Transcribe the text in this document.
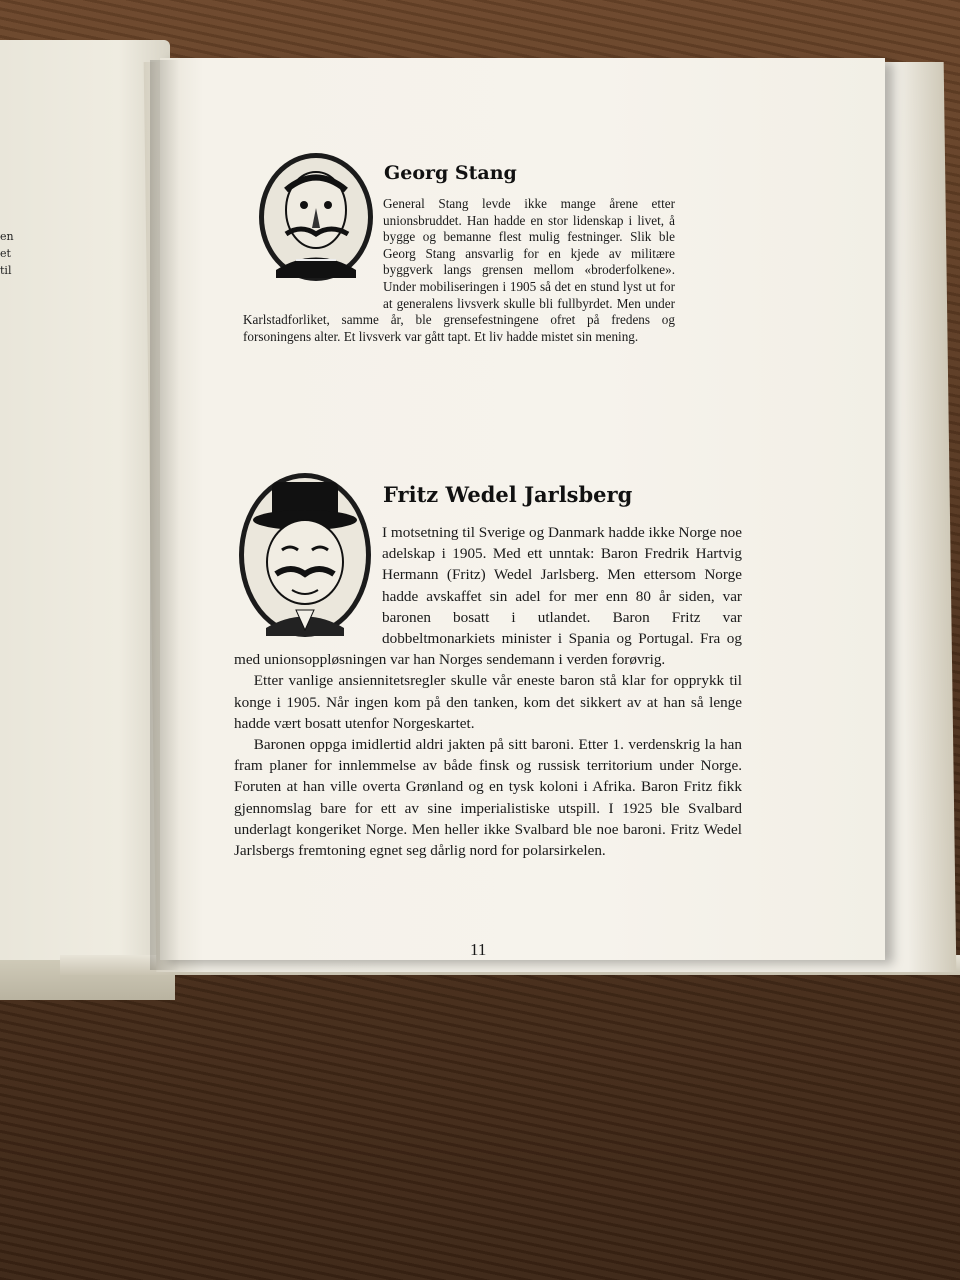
en
et
til
Georg Stang

General Stang levde ikke mange årene etter unionsbruddet. Han hadde en stor lidenskap i livet, å bygge og bemanne flest mulig festninger. Slik ble Georg Stang ansvarlig for en kjede av militære byggverk langs grensen mellom «broderfolkene». Under mobiliseringen i 1905 så det en stund lyst ut for at generalens livsverk skulle bli fullbyrdet. Men under Karlstadforliket, samme år, ble grensefestningene ofret på fredens og forsoningens alter. Et livsverk var gått tapt. Et liv hadde mistet sin mening.

Fritz Wedel Jarlsberg

I motsetning til Sverige og Danmark hadde ikke Norge noe adelskap i 1905. Med ett unntak: Baron Fredrik Hartvig Hermann (Fritz) Wedel Jarlsberg. Men ettersom Norge hadde avskaffet sin adel for mer enn 80 år siden, var baronen bosatt i utlandet. Baron Fritz var dobbeltmonarkiets minister i Spania og Portugal. Fra og med unionsoppløsningen var han Norges sendemann i verden forøvrig.

Etter vanlige ansiennitetsregler skulle vår eneste baron stå klar for opprykk til konge i 1905. Når ingen kom på den tanken, kom det sikkert av at han så lenge hadde vært bosatt utenfor Norgeskartet.

Baronen oppga imidlertid aldri jakten på sitt baroni. Etter 1. verdenskrig la han fram planer for innlemmelse av både finsk og russisk territorium under Norge. Foruten at han ville overta Grønland og en tysk koloni i Afrika. Baron Fritz fikk gjennomslag bare for ett av sine imperialistiske utspill. I 1925 ble Svalbard underlagt kongeriket Norge. Men heller ikke Svalbard ble noe baroni. Fritz Wedel Jarlsbergs fremtoning egnet seg dårlig nord for polarsirkelen.

11
